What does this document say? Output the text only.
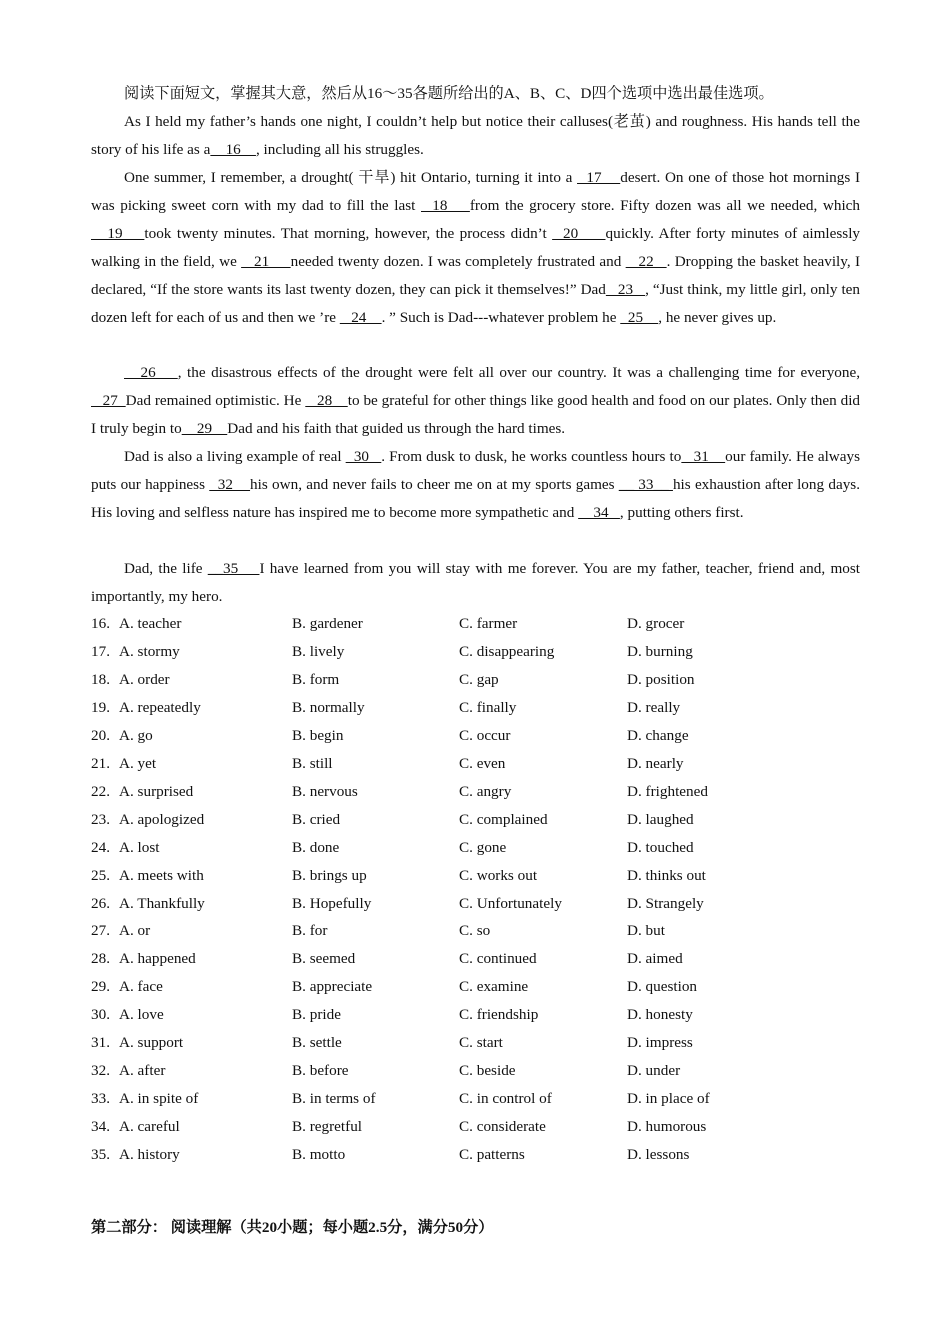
阅读下面短文，掌握其大意，然后从16～35各题所给出的A、B、C、D四个选项中选出最佳选项。

As I held my father’s hands one night, I couldn’t help but notice their calluses(老茧) and roughness. His hands tell the story of his life as a    16    , including all his struggles.

One summer, I remember, a drought( 干旱) hit Ontario, turning it into a   17    desert. On one of those hot mornings I was picking sweet corn with my dad to fill the last   18    from the grocery store. Fifty dozen was all we needed, which    19    took twenty minutes. That morning, however, the process didn’t   20     quickly. After forty minutes of aimlessly walking in the field, we    21     needed twenty dozen. I was completely frustrated and    22   . Dropping the basket heavily, I declared, “If the store wants its last twenty dozen, they can pick it themselves!” Dad   23   , “Just think, my little girl, only ten dozen left for each of us and then we ’re    24    . ” Such is Dad---whatever problem he   25    , he never gives up.

26    , the disastrous effects of the drought were felt all over our country. It was a challenging time for everyone,   27  Dad remained optimistic. He    28    to be grateful for other things like good health and food on our plates. Only then did I truly begin to    29    Dad and his faith that guided us through the hard times.

Dad is also a living example of real   30   . From dusk to dusk, he works countless hours to   31    our family. He always puts our happiness   32    his own, and never fails to cheer me on at my sports games __ 33__ his exhaustion after long days. His loving and selfless nature has inspired me to become more sympathetic and     34   , putting others first.

Dad, the life __35    I have learned from you will stay with me forever. You are my father, teacher, friend and, most importantly, my hero.

16. A. teacher	B. gardener	C. farmer	D. grocer
17. A. stormy	B. lively	C. disappearing	D. burning
18. A. order	B. form	C. gap	D. position
19. A. repeatedly	B. normally	C. finally	D. really
20. A. go	B. begin	C. occur	D. change
21. A. yet	B. still	C. even	D. nearly
22. A. surprised	B. nervous	C. angry	D. frightened
23. A. apologized	B. cried	C. complained	D. laughed
24. A. lost	B. done	C. gone	D. touched
25. A. meets with	B. brings up	C. works out	D. thinks out
26. A. Thankfully	B. Hopefully	C. Unfortunately	D. Strangely
27. A. or	B. for	C. so	D. but
28. A. happened	B. seemed	C. continued	D. aimed
29. A. face	B. appreciate	C. examine	D. question
30. A. love	B. pride	C. friendship	D. honesty
31. A. support	B. settle	C. start	D. impress
32. A. after	B. before	C. beside	D. under
33. A. in spite of	B. in terms of	C. in control of	D. in place of
34. A. careful	B. regretful	C. considerate	D. humorous
35. A. history	B. motto	C. patterns	D. lessons

第二部分： 阅读理解（共20小题；每小题2.5分，满分50分）
